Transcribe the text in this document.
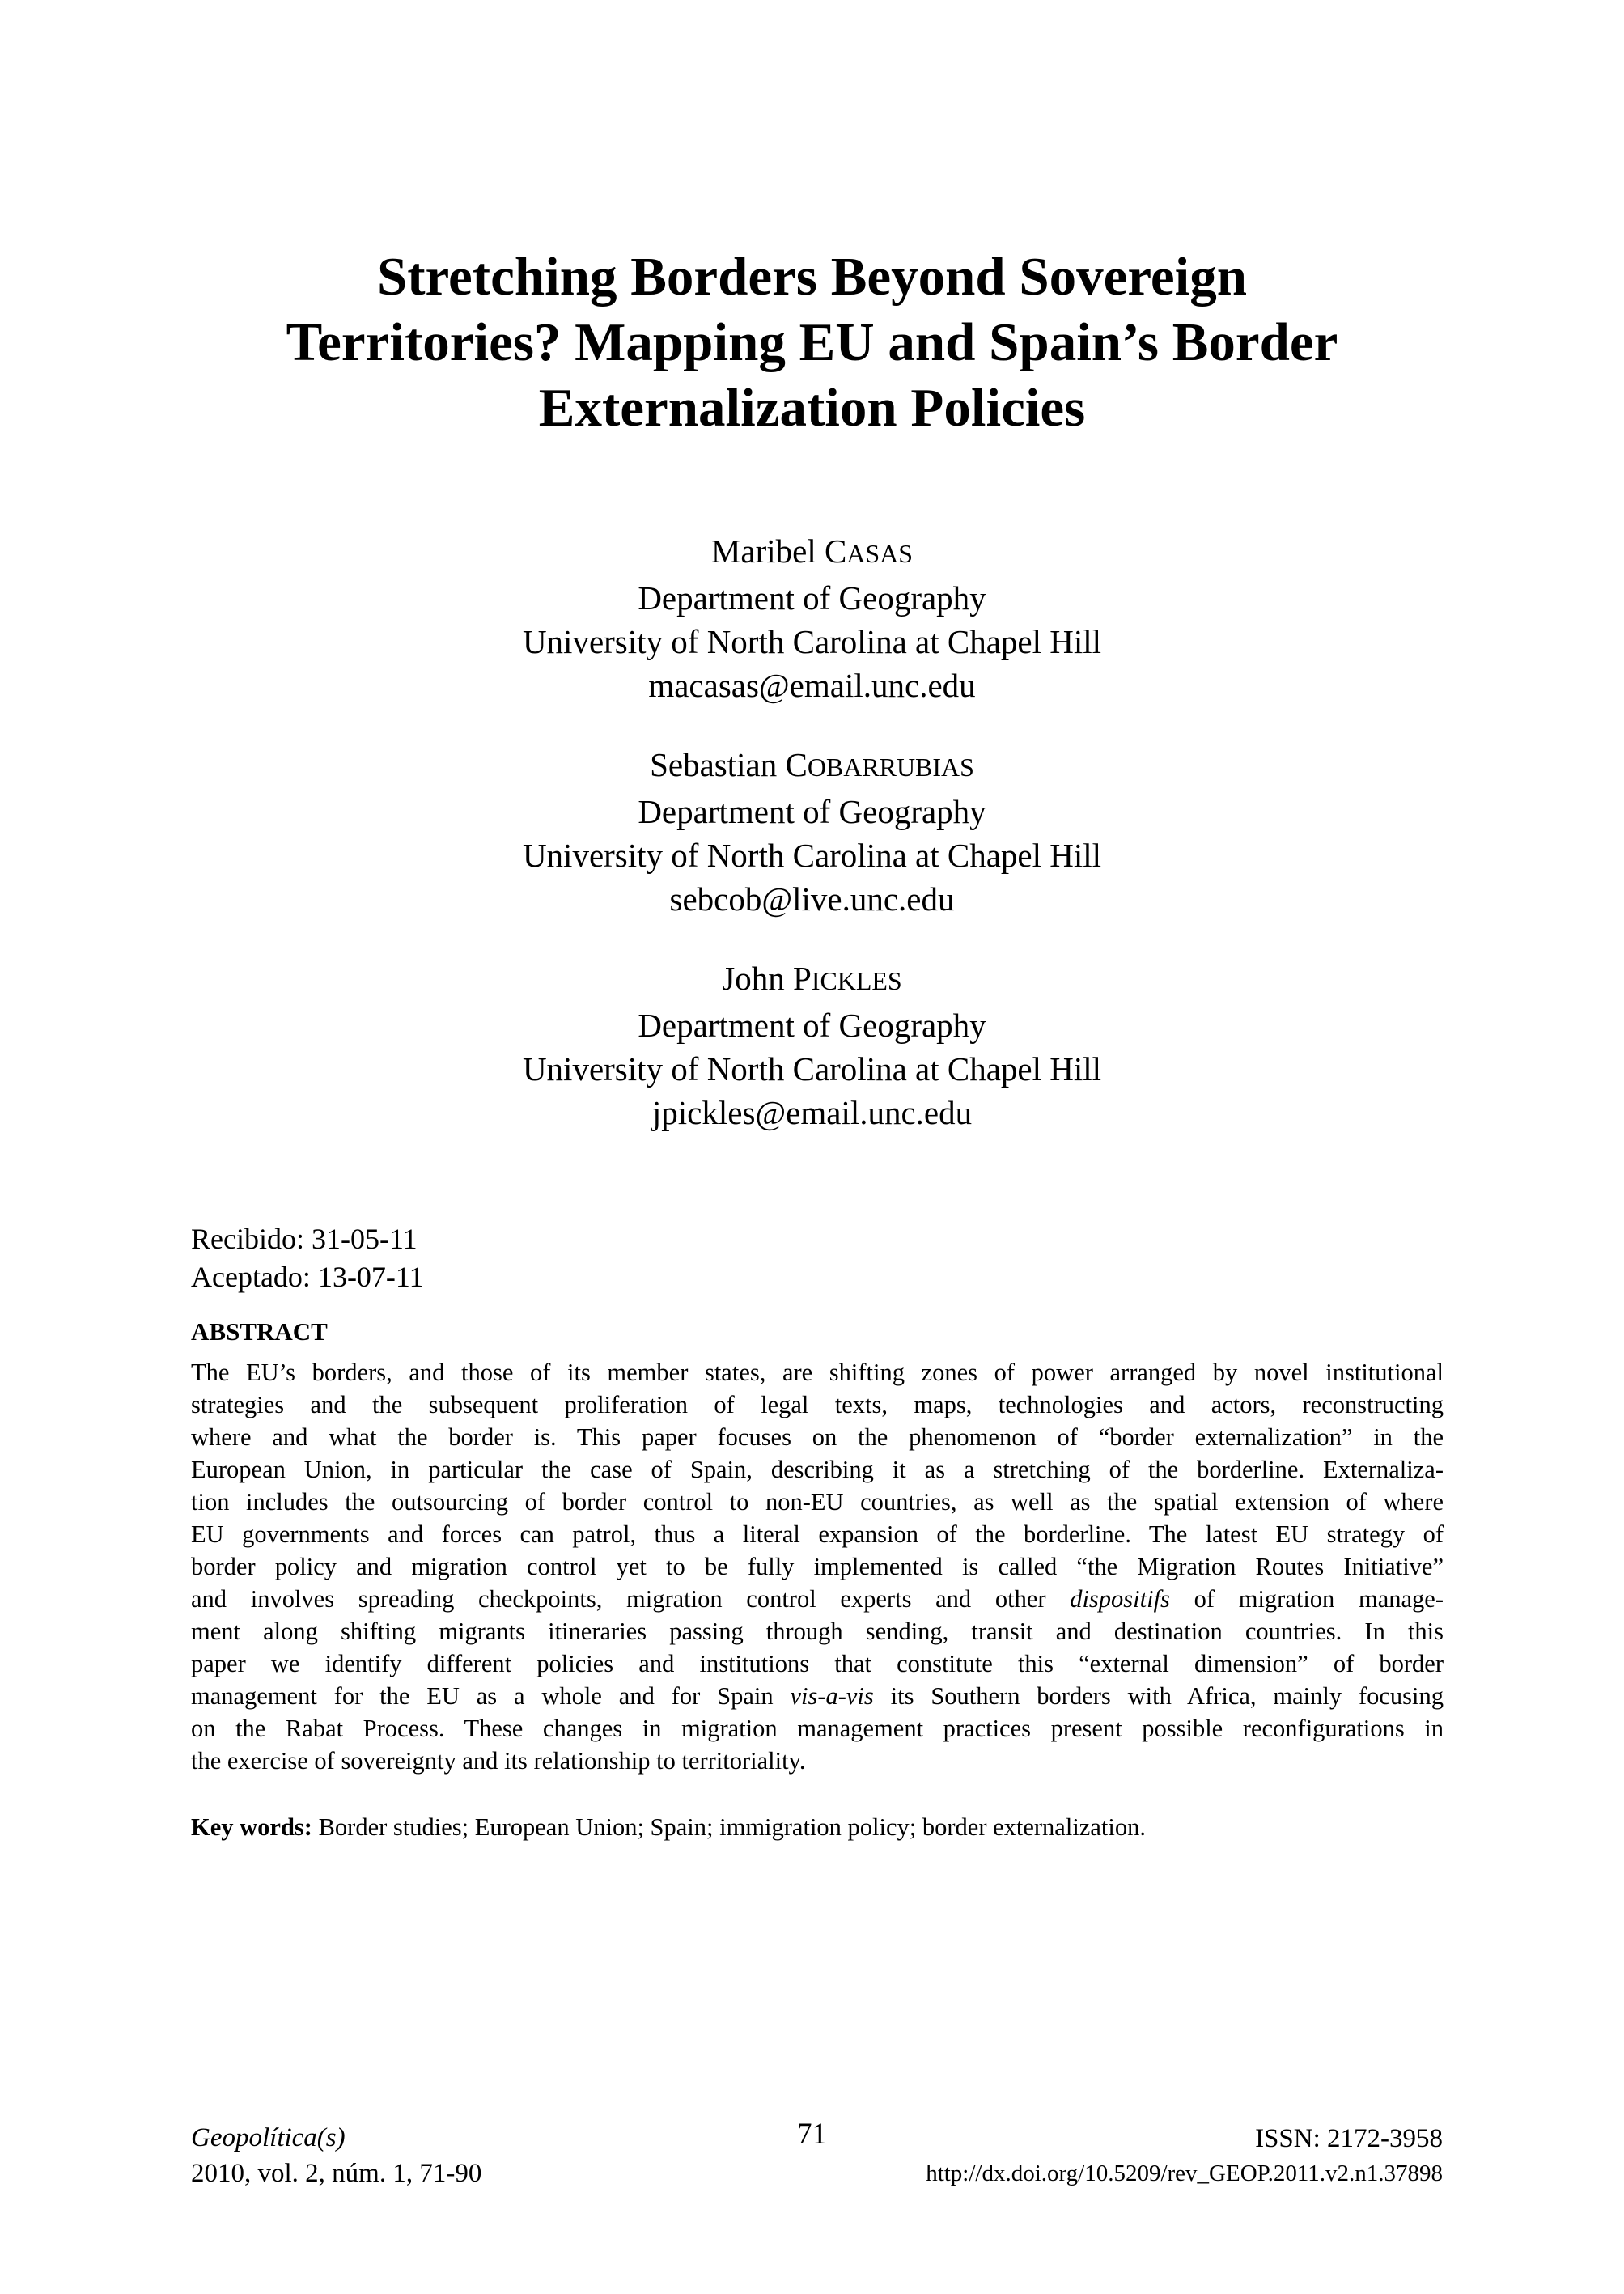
Stretching Borders Beyond Sovereign
Territories? Mapping EU and Spain’s Border
Externalization Policies
Maribel CASAS
Department of Geography
University of North Carolina at Chapel Hill
macasas@email.unc.edu
Sebastian COBARRUBIAS
Department of Geography
University of North Carolina at Chapel Hill
sebcob@live.unc.edu
John PICKLES
Department of Geography
University of North Carolina at Chapel Hill
jpickles@email.unc.edu
Recibido: 31-05-11
Aceptado: 13-07-11
ABSTRACT
The EU’s borders, and those of its member states, are shifting zones of power arranged by novel institutional
strategies and the subsequent proliferation of legal texts, maps, technologies and actors, reconstructing
where and what the border is. This paper focuses on the phenomenon of “border externalization” in the
European Union, in particular the case of Spain, describing it as a stretching of the borderline. Externaliza-
tion includes the outsourcing of border control to non-EU countries, as well as the spatial extension of where
EU governments and forces can patrol, thus a literal expansion of the borderline. The latest EU strategy of
border policy and migration control yet to be fully implemented is called “the Migration Routes Initiative”
and involves spreading checkpoints, migration control experts and other dispositifs of migration manage-
ment along shifting migrants itineraries passing through sending, transit and destination countries. In this
paper we identify different policies and institutions that constitute this “external dimension” of border
management for the EU as a whole and for Spain vis-a-vis its Southern borders with Africa, mainly focusing
on the Rabat Process. These changes in migration management practices present possible reconfigurations in
the exercise of sovereignty and its relationship to territoriality.

Key words: Border studies; European Union; Spain; immigration policy; border externalization.

Geopolítica(s)
2010, vol. 2, núm. 1, 71-90
71	ISSN: 2172-3958
http://dx.doi.org/10.5209/rev_GEOP.2011.v2.n1.37898
